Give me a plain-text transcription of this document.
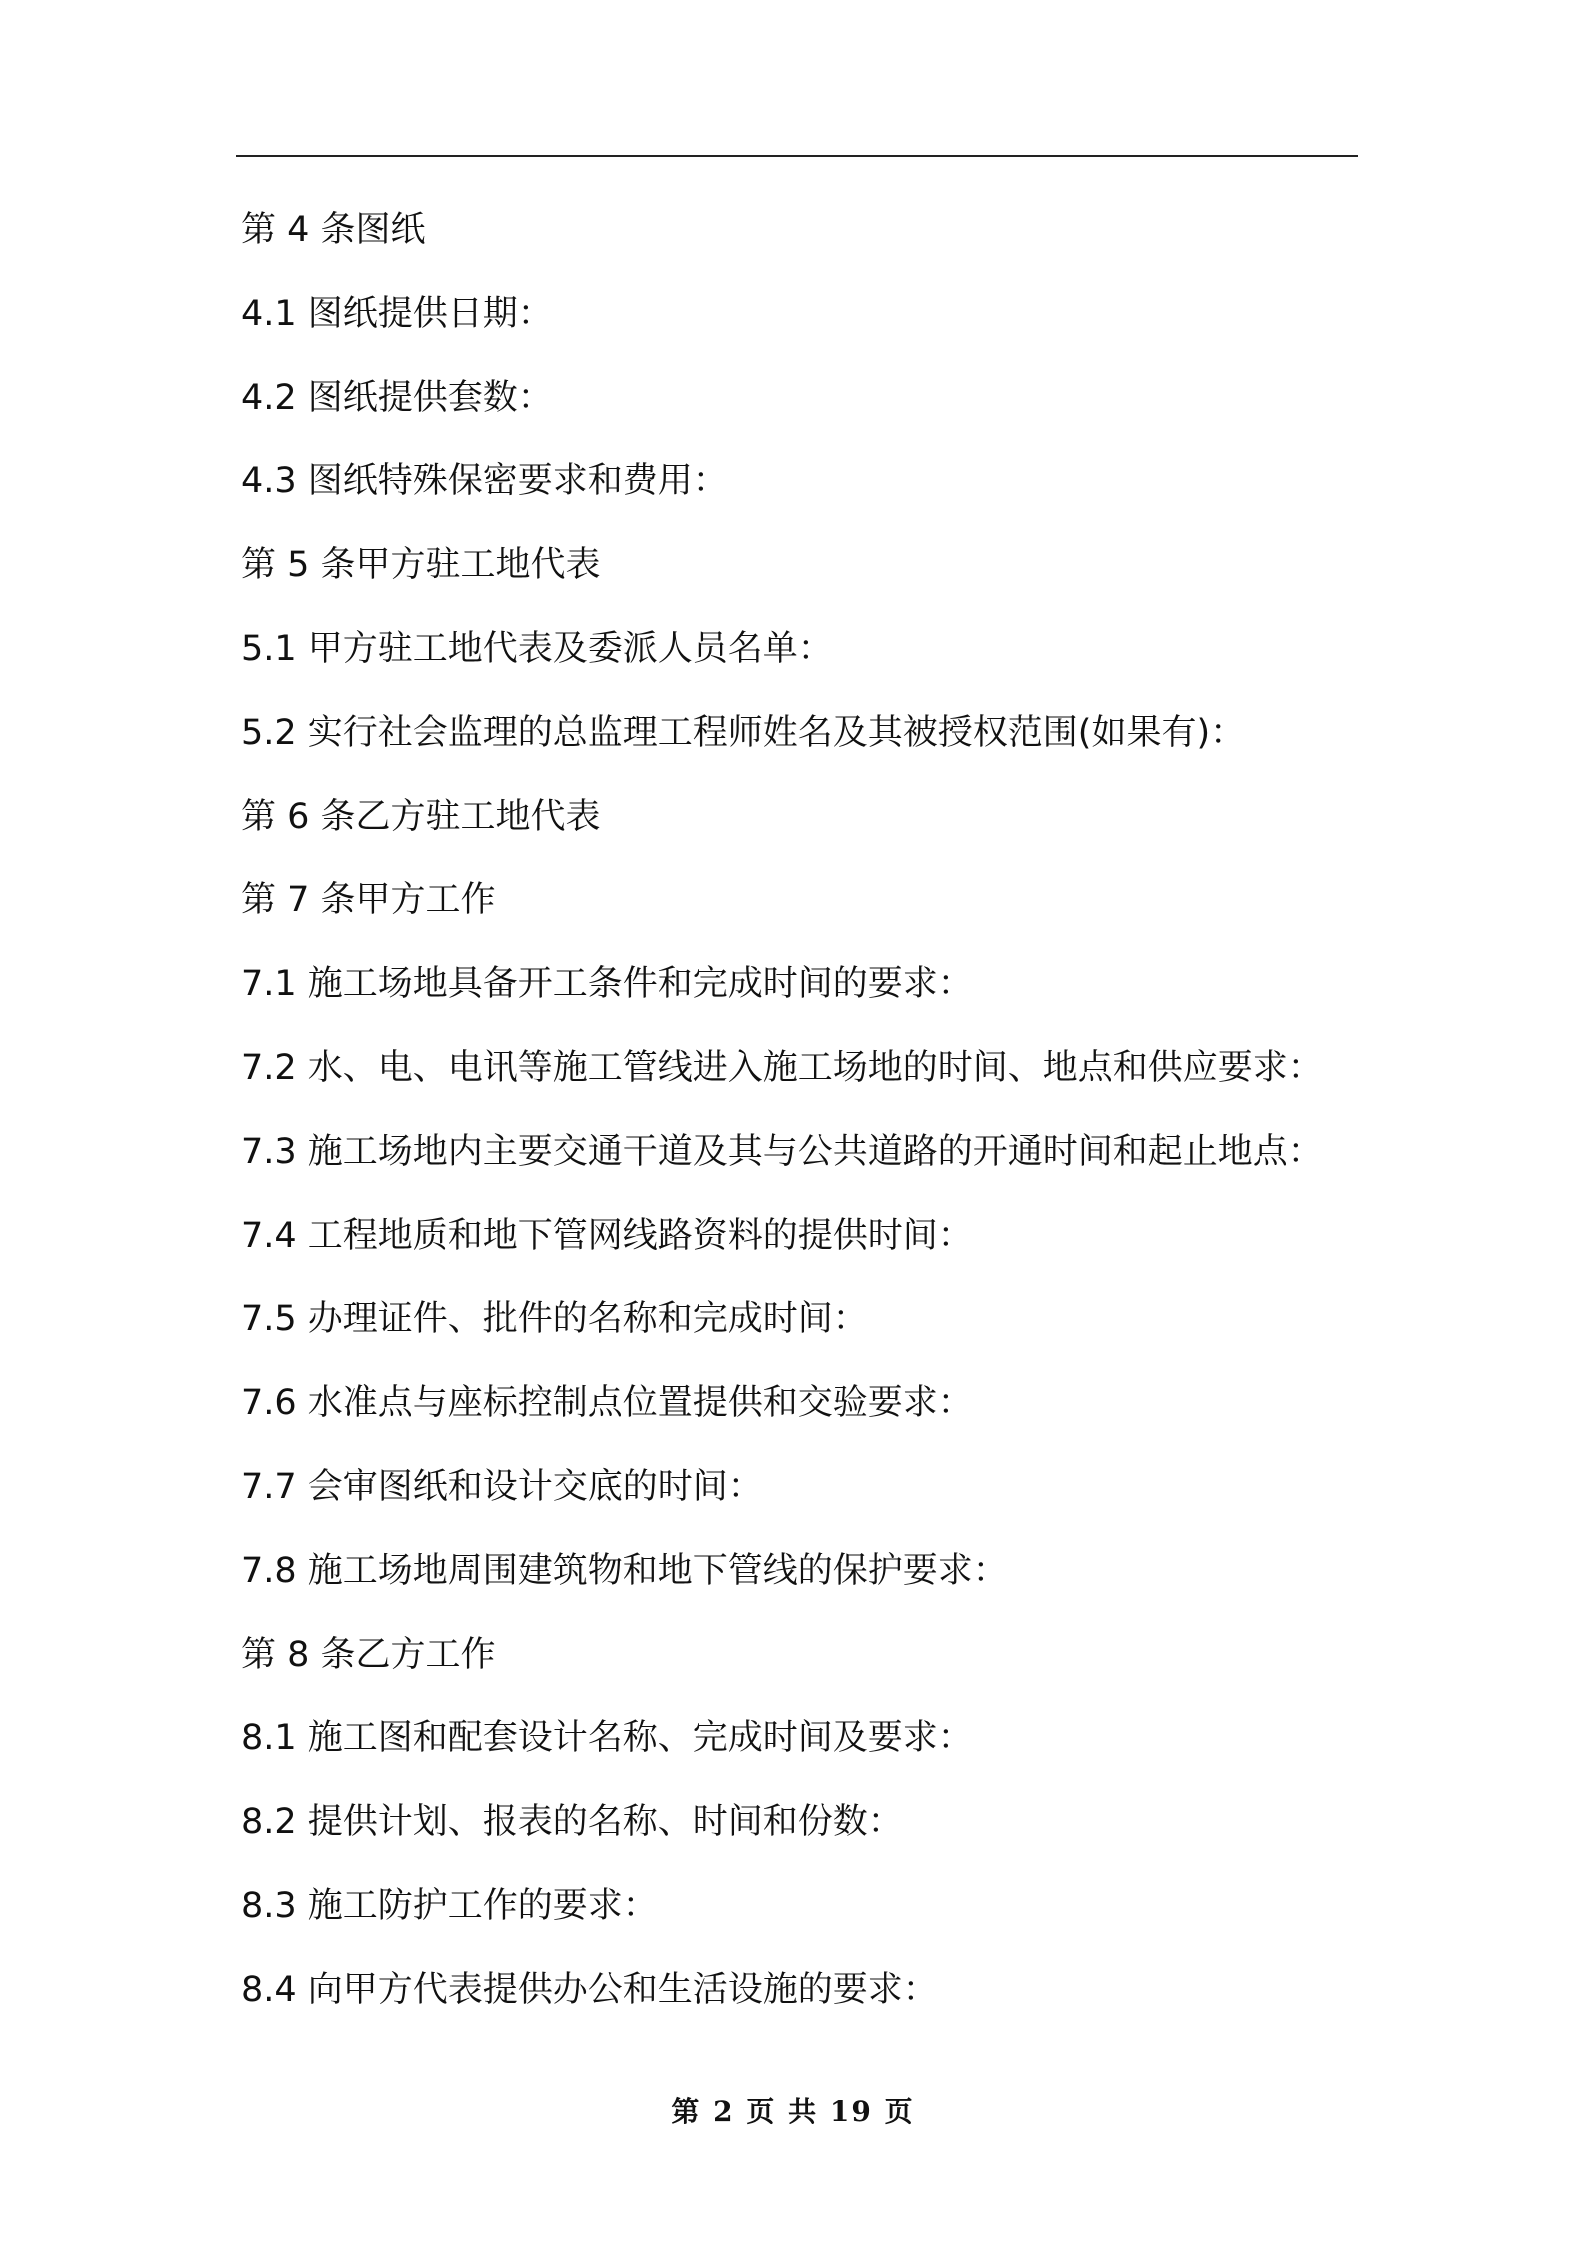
第 4 条图纸
4.1 图纸提供日期：
4.2 图纸提供套数：
4.3 图纸特殊保密要求和费用：
第 5 条甲方驻工地代表
5.1 甲方驻工地代表及委派人员名单：
5.2 实行社会监理的总监理工程师姓名及其被授权范围(如果有)：
第 6 条乙方驻工地代表
第 7 条甲方工作
7.1 施工场地具备开工条件和完成时间的要求：
7.2 水、电、电讯等施工管线进入施工场地的时间、地点和供应要求：
7.3 施工场地内主要交通干道及其与公共道路的开通时间和起止地点：
7.4 工程地质和地下管网线路资料的提供时间：
7.5 办理证件、批件的名称和完成时间：
7.6 水准点与座标控制点位置提供和交验要求：
7.7 会审图纸和设计交底的时间：
7.8 施工场地周围建筑物和地下管线的保护要求：
第 8 条乙方工作
8.1 施工图和配套设计名称、完成时间及要求：
8.2 提供计划、报表的名称、时间和份数：
8.3 施工防护工作的要求：
8.4 向甲方代表提供办公和生活设施的要求：
第 2 页 共 19 页
